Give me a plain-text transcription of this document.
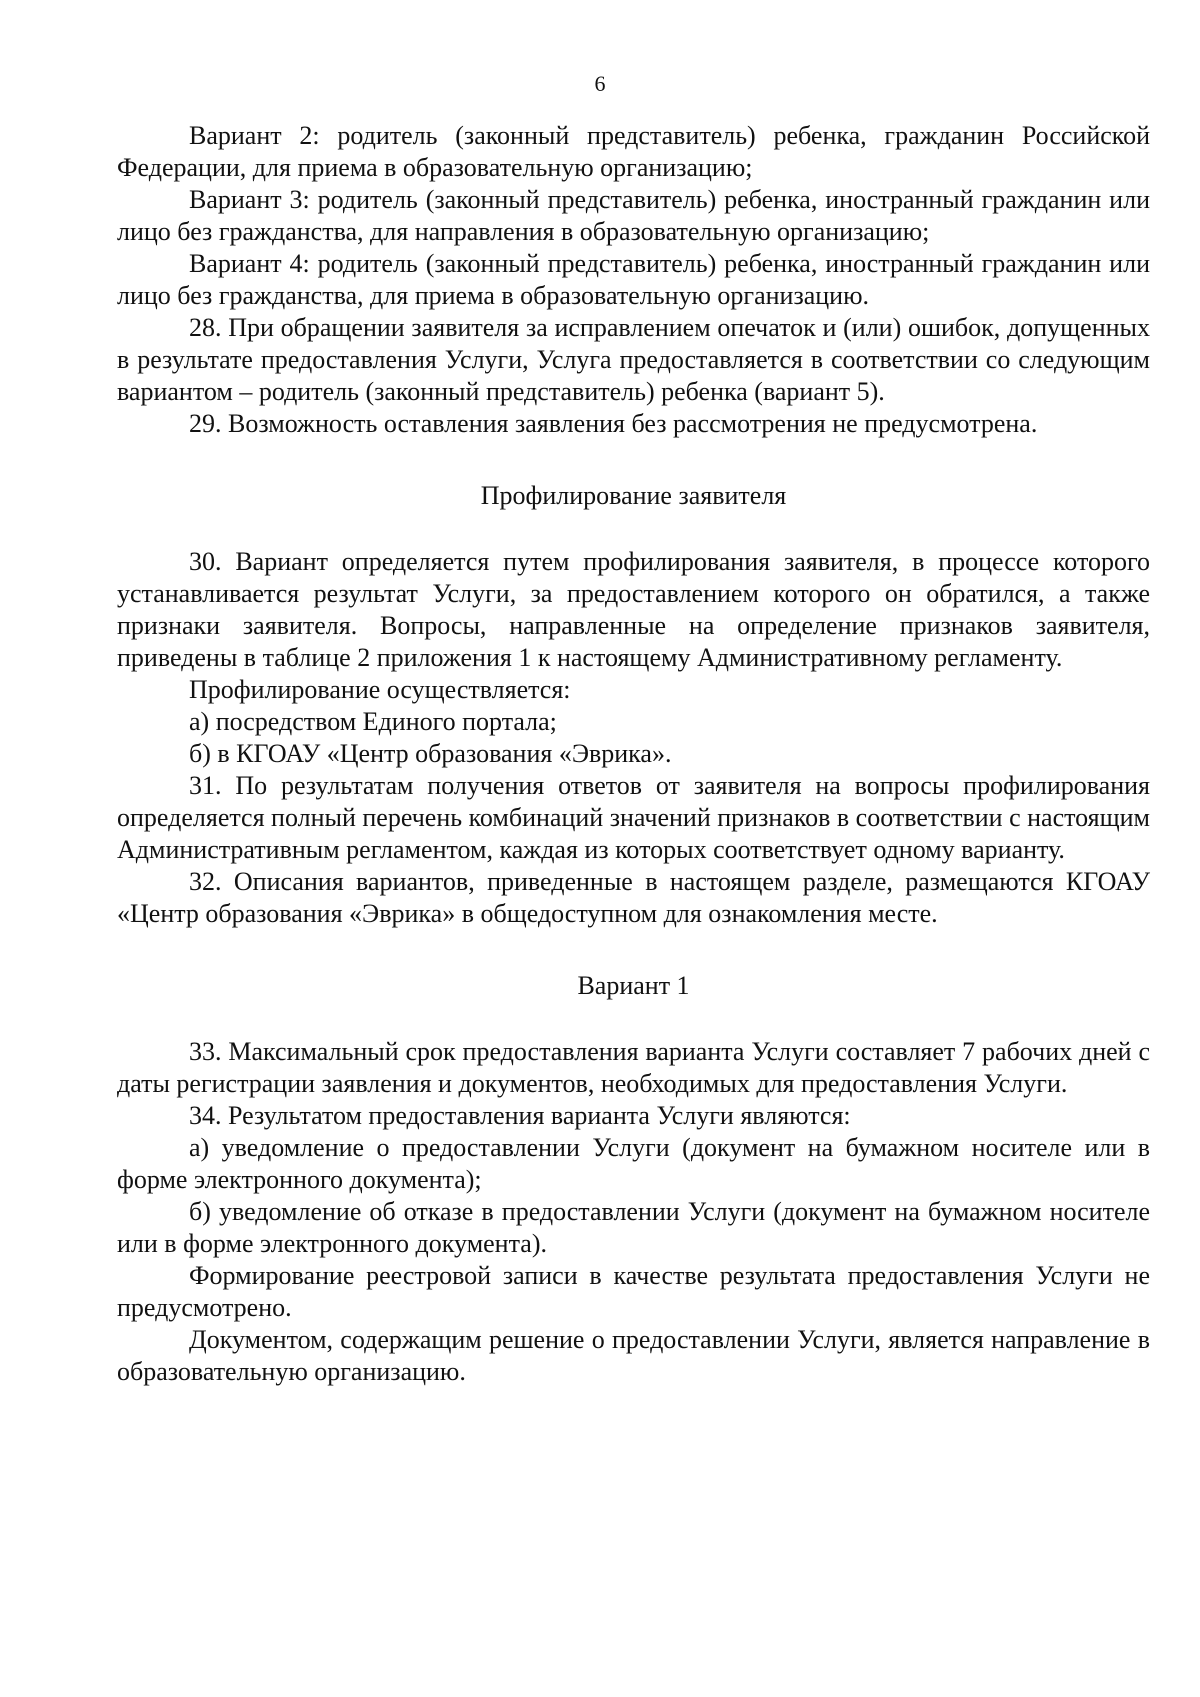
6

Вариант 2: родитель (законный представитель) ребенка, гражданин Российской Федерации, для приема в образовательную организацию;

Вариант 3: родитель (законный представитель) ребенка, иностранный гражданин или лицо без гражданства, для направления в образовательную организацию;

Вариант 4: родитель (законный представитель) ребенка, иностранный гражданин или лицо без гражданства, для приема в образовательную организацию.

28. При обращении заявителя за исправлением опечаток и (или) ошибок, допущенных в результате предоставления Услуги, Услуга предоставляется в соответствии со следующим вариантом – родитель (законный представитель) ребенка (вариант 5).

29. Возможность оставления заявления без рассмотрения не предусмотрена.

Профилирование заявителя

30. Вариант определяется путем профилирования заявителя, в процессе которого устанавливается результат Услуги, за предоставлением которого он обратился, а также признаки заявителя. Вопросы, направленные на определение признаков заявителя, приведены в таблице 2 приложения 1 к настоящему Административному регламенту.

Профилирование осуществляется:

а) посредством Единого портала;

б) в КГОАУ «Центр образования «Эврика».

31. По результатам получения ответов от заявителя на вопросы профилирования определяется полный перечень комбинаций значений признаков в соответствии с настоящим Административным регламентом, каждая из которых соответствует одному варианту.

32. Описания вариантов, приведенные в настоящем разделе, размещаются КГОАУ «Центр образования «Эврика» в общедоступном для ознакомления месте.

Вариант 1

33. Максимальный срок предоставления варианта Услуги составляет 7 рабочих дней с даты регистрации заявления и документов, необходимых для предоставления Услуги.

34. Результатом предоставления варианта Услуги являются:

а) уведомление о предоставлении Услуги (документ на бумажном носителе или в форме электронного документа);

б) уведомление об отказе в предоставлении Услуги (документ на бумажном носителе или в форме электронного документа).

Формирование реестровой записи в качестве результата предоставления Услуги не предусмотрено.

Документом, содержащим решение о предоставлении Услуги, является направление в образовательную организацию.
